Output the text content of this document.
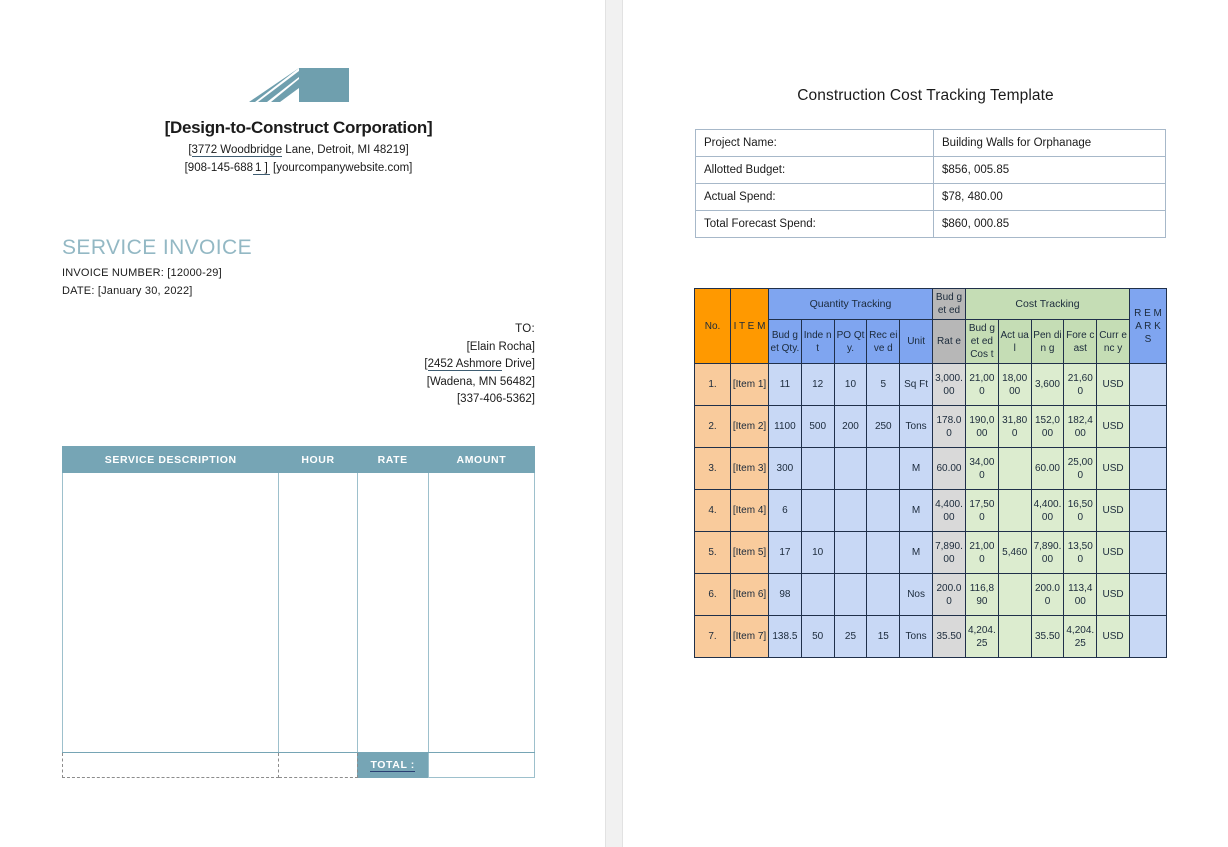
[Design-to-Construct Corporation]
[3772 Woodbridge Lane, Detroit, MI 48219]
[908-145-688 1 ] [yourcompanywebsite.com]
SERVICE INVOICE
INVOICE NUMBER: [12000-29]
DATE: [January 30, 2022]
TO:
[Elain Rocha]
[2452 Ashmore Drive]
[Wadena, MN 56482]
[337-406-5362]
SERVICE DESCRIPTION	HOUR	RATE	AMOUNT

		TOTAL :	
Construction Cost Tracking Template
Project Name:	Building Walls for Orphanage
Allotted Budget:	$856, 005.85
Actual Spend:	$78, 480.00
Total Forecast Spend:	$860, 000.85
No.	I T E M	Quantity Tracking					Bud get ed	Cost Tracking					R E M A R K S
		Bud get Qty.	Inde nt	PO Qty.	Rec eive d	Unit	Rat e	Bud get ed Cos t	Act ual	Pen din g	Fore cast	Curr enc y	
1.	[Item 1]	11	12	10	5	Sq Ft	3,000.00	21,000	18,0000	3,600	21,600	USD	
2.	[Item 2]	1100	500	200	250	Tons	178.00	190,000	31,800	152,000	182,400	USD	
3.	[Item 3]	300				M	60.00	34,000		60.00	25,000	USD	
4.	[Item 4]	6				M	4,400.00	17,500		4,400.00	16,500	USD	
5.	[Item 5]	17	10			M	7,890.00	21,000	5,460	7,890.00	13,500	USD	
6.	[Item 6]	98				Nos	200.00	116,890		200.00	113,400	USD	
7.	[Item 7]	138.5	50	25	15	Tons	35.50	4,204.25		35.50	4,204.25	USD	
